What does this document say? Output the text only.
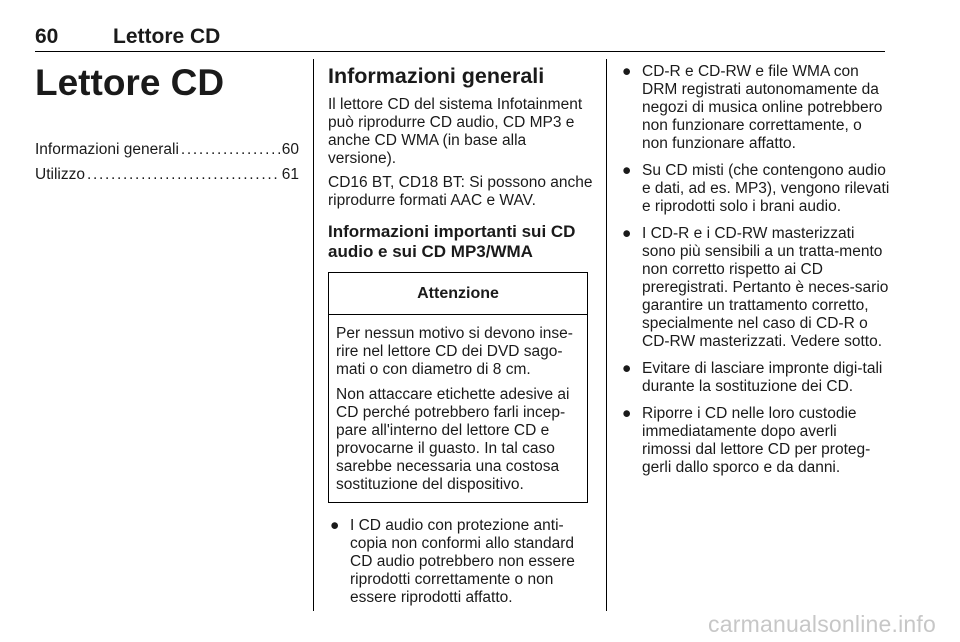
60	Lettore CD
Lettore CD
Informazioni generali . . .	60
Utilizzo . . .	61
Informazioni generali

Il lettore CD del sistema Infotainment può riprodurre CD audio, CD MP3 e anche CD WMA (in base alla versione).

CD16 BT, CD18 BT: Si possono anche riprodurre formati AAC e WAV.

Informazioni importanti sui CD audio e sui CD MP3/WMA
Attenzione

Per nessun motivo si devono inse-rire nel lettore CD dei DVD sago-mati o con diametro di 8 cm.

Non attaccare etichette adesive ai CD perché potrebbero farli incep-pare all'interno del lettore CD e provocarne il guasto. In tal caso sarebbe necessaria una costosa sostituzione del dispositivo.

● I CD audio con protezione anti-copia non conformi allo standard CD audio potrebbero non essere riprodotti correttamente o non essere riprodotti affatto.
● CD-R e CD-RW e file WMA con DRM registrati autonomamente da negozi di musica online potrebbero non funzionare correttamente, o non funzionare affatto.
● Su CD misti (che contengono audio e dati, ad es. MP3), vengono rilevati e riprodotti solo i brani audio.
● I CD-R e i CD-RW masterizzati sono più sensibili a un tratta-mento non corretto rispetto ai CD preregistrati. Pertanto è neces-sario garantire un trattamento corretto, specialmente nel caso di CD-R o CD-RW masterizzati. Vedere sotto.
● Evitare di lasciare impronte digi-tali durante la sostituzione dei CD.
● Riporre i CD nelle loro custodie immediatamente dopo averli rimossi dal lettore CD per proteg-gerli dallo sporco e da danni.
carmanualsonline.info
